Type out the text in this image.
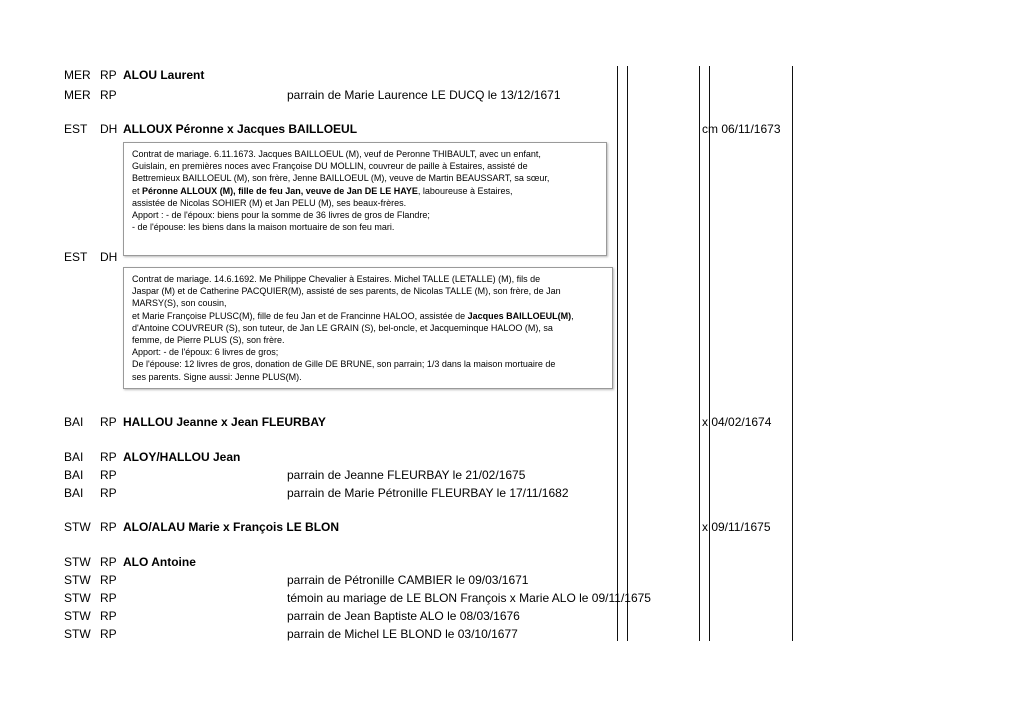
MER RP ALOU Laurent
MER RP	parrain de Marie Laurence LE DUCQ le 13/12/1671
EST DH ALLOUX Péronne x Jacques BAILLOEUL	cm 06/11/1673
Contrat de mariage. 6.11.1673. Jacques BAILLOEUL (M), veuf de Peronne THIBAULT, avec un enfant,
Guislain, en premières noces avec Françoise DU MOLLIN, couvreur de paille à Estaires, assisté de
Bettremieux BAILLOEUL (M), son frère, Jenne BAILLOEUL (M), veuve de Martin BEAUSSART, sa sœur,
et Péronne ALLOUX (M), fille de feu Jan, veuve de Jan DE LE HAYE, laboureuse à Estaires,
assistée de Nicolas SOHIER (M) et Jan PELU (M), ses beaux-frères.
Apport : - de l'époux: biens pour la somme de 36 livres de gros de Flandre;
- de l'épouse: les biens dans la maison mortuaire de son feu mari.
EST DH
Contrat de mariage. 14.6.1692. Me Philippe Chevalier à Estaires. Michel TALLE (LETALLE) (M), fils de
Jaspar (M) et de Catherine PACQUIER(M), assisté de ses parents, de Nicolas TALLE (M), son frère, de Jan
MARSY(S), son cousin,
et Marie Françoise PLUSC(M), fille de feu Jan et de Francinne HALOO, assistée de Jacques BAILLOEUL(M),
d'Antoine COUVREUR (S), son tuteur, de Jan LE GRAIN (S), bel-oncle, et Jacqueminque HALOO (M), sa
femme, de Pierre PLUS (S), son frère.
Apport: - de l'époux: 6 livres de gros;
De l'épouse: 12 livres de gros, donation de Gille DE BRUNE, son parrain; 1/3 dans la maison mortuaire de
ses parents. Signe aussi: Jenne PLUS(M).
BAI RP HALLOU Jeanne x Jean FLEURBAY	x 04/02/1674
BAI RP ALOY/HALLOU Jean
BAI RP	parrain de Jeanne FLEURBAY le 21/02/1675
BAI RP	parrain de Marie Pétronille FLEURBAY le 17/11/1682
STW RP ALO/ALAU Marie x François LE BLON	x 09/11/1675
STW RP ALO Antoine
STW RP	parrain de Pétronille CAMBIER le 09/03/1671
STW RP	témoin au mariage de LE BLON François x Marie ALO le 09/11/1675
STW RP	parrain de Jean Baptiste ALO le 08/03/1676
STW RP	parrain de Michel LE BLOND le 03/10/1677
